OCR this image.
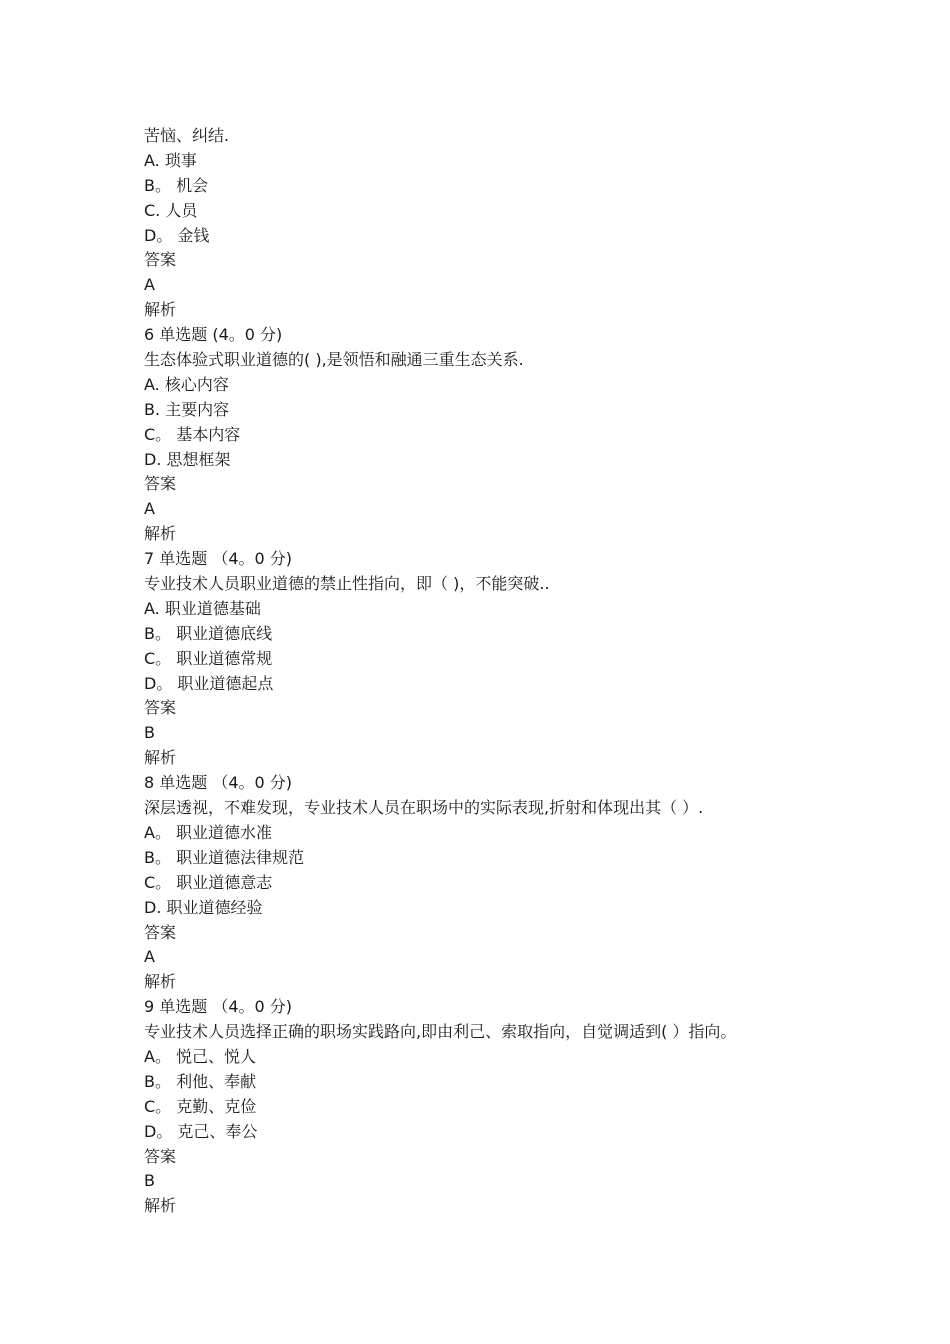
苦恼、纠结.
A. 琐事
B。 机会
C. 人员
D。 金钱
答案
A
解析
6 单选题 (4。0 分)
生态体验式职业道德的( ),是领悟和融通三重生态关系.
A. 核心内容
B. 主要内容
C。 基本内容
D. 思想框架
答案
A
解析
7 单选题 （4。0 分)
专业技术人员职业道德的禁止性指向，即（ )，不能突破..
A. 职业道德基础
B。 职业道德底线
C。 职业道德常规
D。 职业道德起点
答案
B
解析
8 单选题 （4。0 分)
深层透视，不难发现，专业技术人员在职场中的实际表现,折射和体现出其（ ）.
A。 职业道德水准
B。 职业道德法律规范
C。 职业道德意志
D. 职业道德经验
答案
A
解析
9 单选题 （4。0 分)
专业技术人员选择正确的职场实践路向,即由利己、索取指向，自觉调适到( ）指向。
A。 悦己、悦人
B。 利他、奉献
C。 克勤、克俭
D。 克己、奉公
答案
B
解析
